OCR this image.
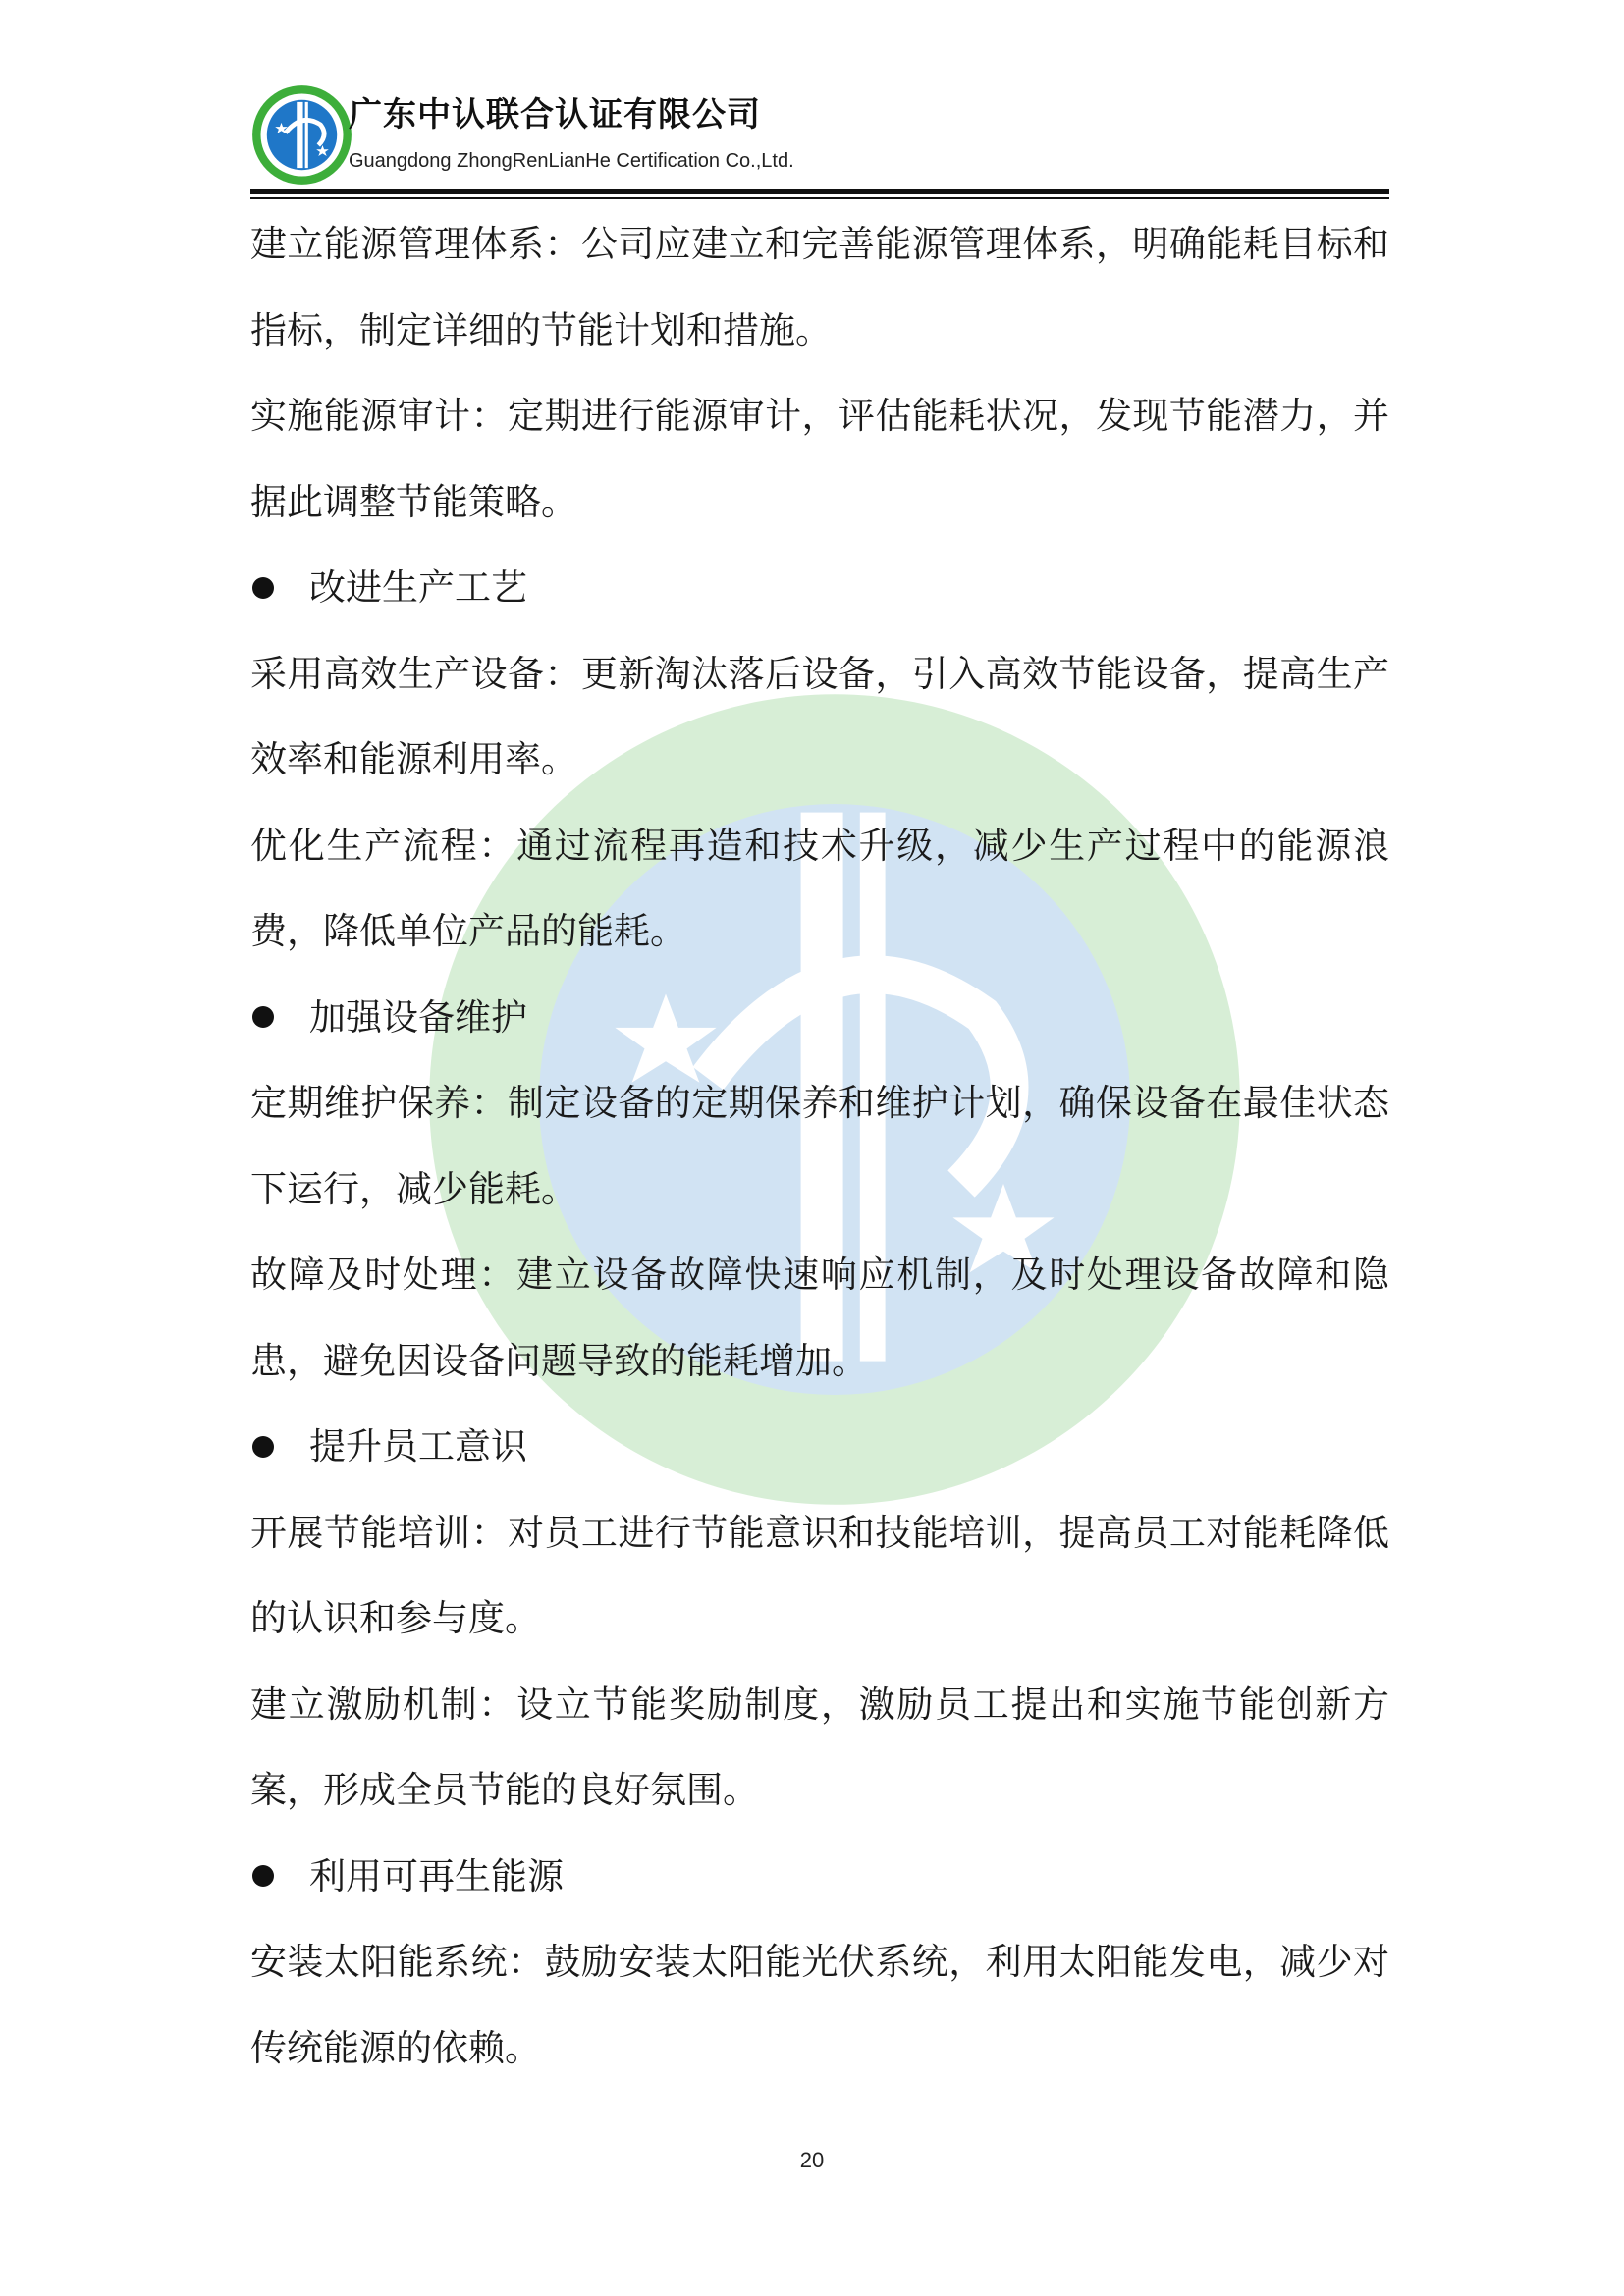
广东中认联合认证有限公司
Guangdong ZhongRenLianHe Certification Co.,Ltd.

建立能源管理体系：公司应建立和完善能源管理体系，明确能耗目标和指标，制定详细的节能计划和措施。

实施能源审计：定期进行能源审计，评估能耗状况，发现节能潜力，并据此调整节能策略。

改进生产工艺

采用高效生产设备：更新淘汰落后设备，引入高效节能设备，提高生产效率和能源利用率。

优化生产流程：通过流程再造和技术升级，减少生产过程中的能源浪费，降低单位产品的能耗。

加强设备维护

定期维护保养：制定设备的定期保养和维护计划，确保设备在最佳状态下运行，减少能耗。

故障及时处理：建立设备故障快速响应机制，及时处理设备故障和隐患，避免因设备问题导致的能耗增加。

提升员工意识

开展节能培训：对员工进行节能意识和技能培训，提高员工对能耗降低的认识和参与度。

建立激励机制：设立节能奖励制度，激励员工提出和实施节能创新方案，形成全员节能的良好氛围。

利用可再生能源

安装太阳能系统：鼓励安装太阳能光伏系统，利用太阳能发电，减少对传统能源的依赖。

20
